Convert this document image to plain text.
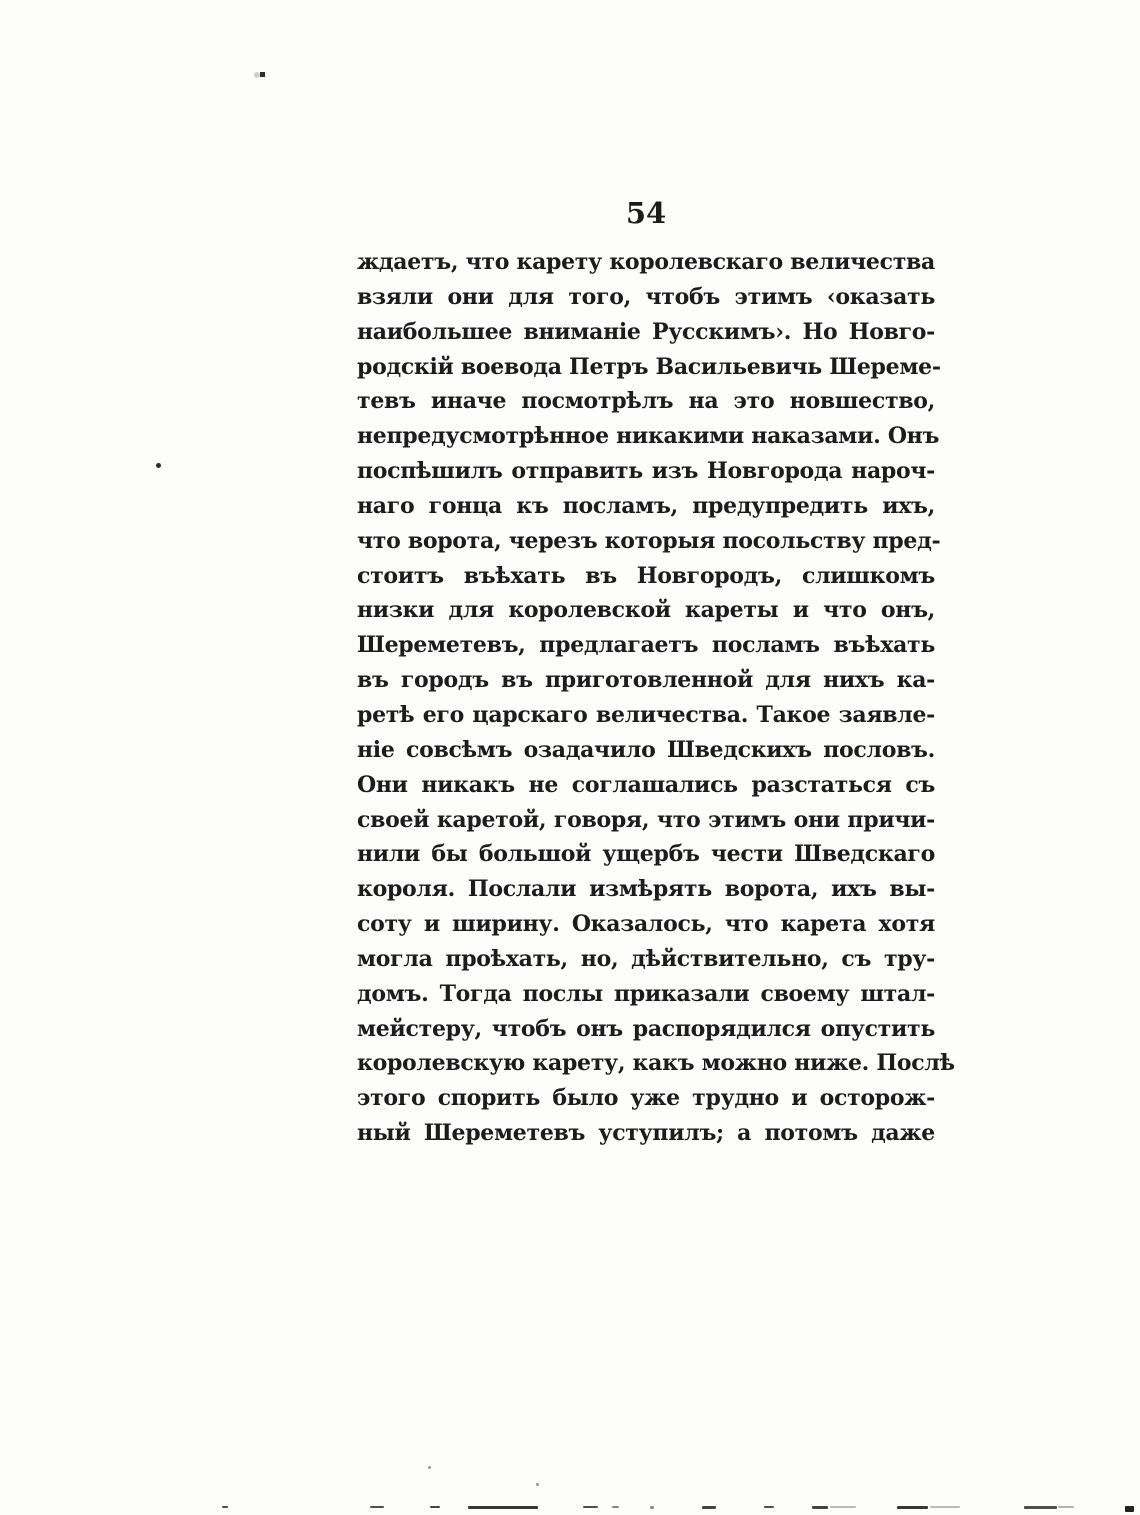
54
ждаетъ, что карету королевскаго величества
взяли они для того, чтобъ этимъ ‹оказать
наибольшее вниманіе Русскимъ›. Но Новго-
родскій воевода Петръ Васильевичь Шереме-
тевъ иначе посмотрѣлъ на это новшество,
непредусмотрѣнное никакими наказами. Онъ
поспѣшилъ отправить изъ Новгорода нароч-
наго гонца къ посламъ, предупредить ихъ,
что ворота, черезъ которыя посольству пред-
стоитъ въѣхать въ Новгородъ, слишкомъ
низки для королевской кареты и что онъ,
Шереметевъ, предлагаетъ посламъ въѣхать
въ городъ въ приготовленной для нихъ ка-
ретѣ его царскаго величества. Такое заявле-
ніе совсѣмъ озадачило Шведскихъ пословъ.
Они никакъ не соглашались разстаться съ
своей каретой, говоря, что этимъ они причи-
нили бы большой ущербъ чести Шведскаго
короля. Послали измѣрять ворота, ихъ вы-
соту и ширину. Оказалось, что карета хотя
могла проѣхать, но, дѣйствительно, съ тру-
домъ. Тогда послы приказали своему штал-
мейстеру, чтобъ онъ распорядился опустить
королевскую карету, какъ можно ниже. Послѣ
этого спорить было уже трудно и осторож-
ный Шереметевъ уступилъ; а потомъ даже
